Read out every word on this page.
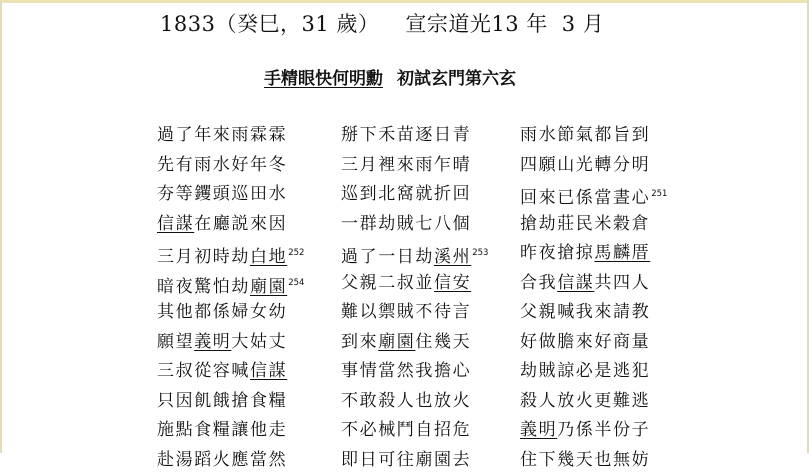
1833（癸巳，31 歲） 宣宗道光13 年 3 月
手精眼快何明勳 初試玄門第六玄
過了年來雨霖霖
先有雨水好年冬
夯等钁頭巡田水
信謀在廳説來因
三月初時劫白地$^{252}$
暗夜驚怕劫廟園$^{254}$
其他都係婦女幼
願望義明大姑丈
三叔從容喊信謀
只因飢餓搶食糧
施點食糧讓他走
赴湯蹈火應當然
掰下禾苗逐日青
三月裡來雨乍晴
巡到北窩就折回
一群劫賊七八個
過了一日劫溪州$^{253}$
父親二叔並信安
難以禦賊不待言
到來廟園住幾天
事情當然我擔心
不敢殺人也放火
不必械鬥自招危
即日可往廟園去
雨水節氣都旨到
四願山光轉分明
回來已係當晝心$^{251}$
搶劫莊民米穀倉
昨夜搶掠馬麟厝
合我信謀共四人
父親喊我來請教
好做膽來好商量
劫賊諒必是逃犯
殺人放火更難逃
義明乃係半份子
住下幾天也無妨
